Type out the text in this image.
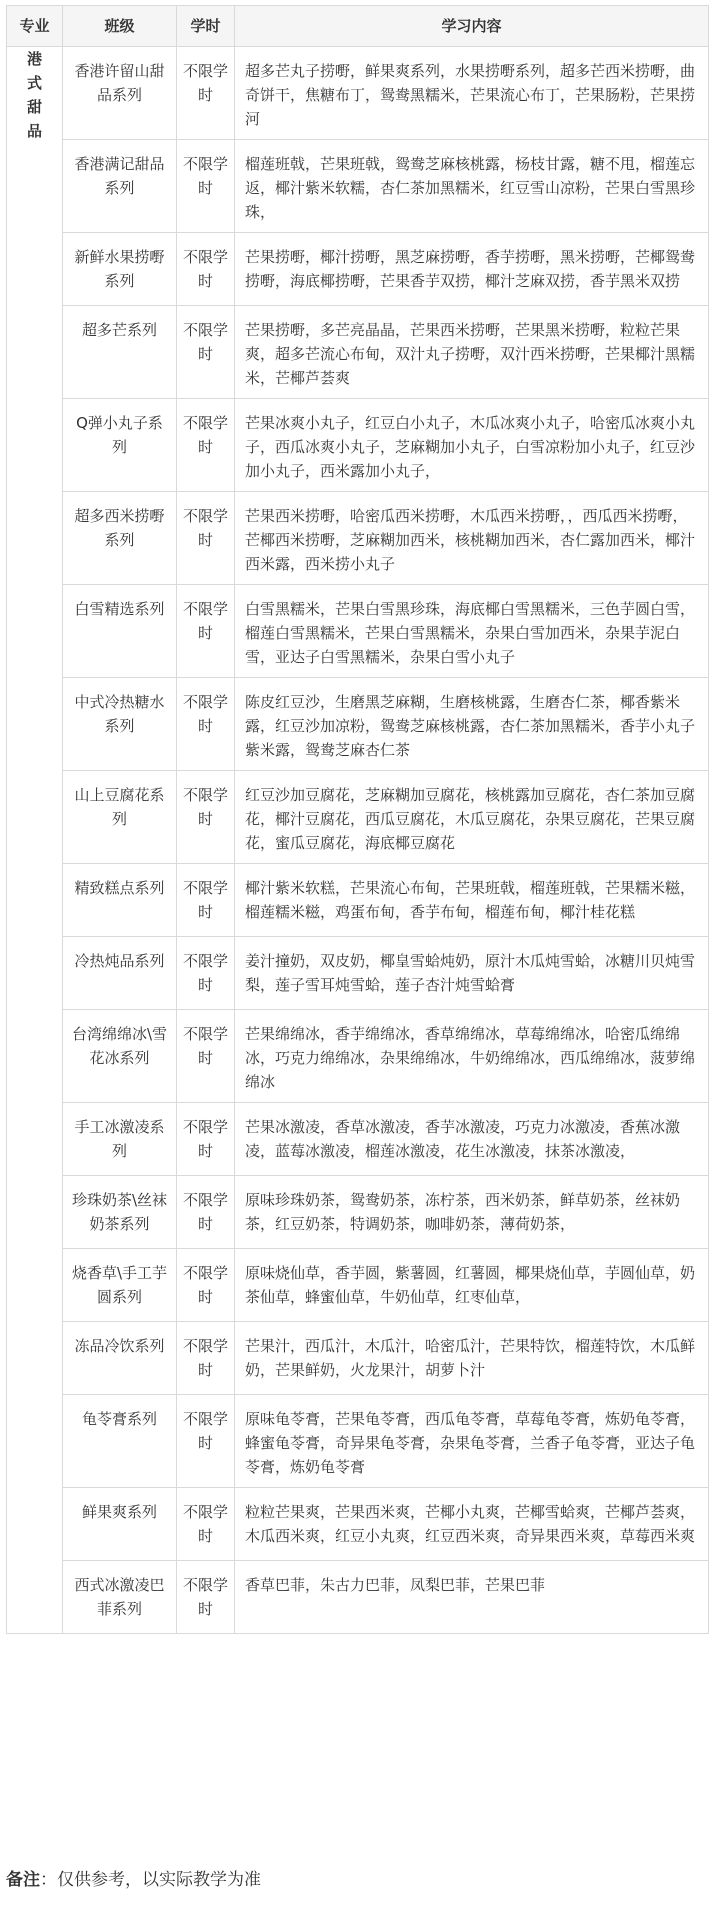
专业	班级	学时	学习内容

港
式
甜
品	香港许留山甜品系列	不限学时	超多芒丸子捞嘢，鲜果爽系列，水果捞嘢系列，超多芒西米捞嘢，曲奇饼干，焦糖布丁，鸳鸯黑糯米，芒果流心布丁，芒果肠粉，芒果捞河
	香港满记甜品系列	不限学时	榴莲班戟，芒果班戟，鸳鸯芝麻核桃露，杨枝甘露，糖不甩，榴莲忘返，椰汁紫米软糯，杏仁茶加黑糯米，红豆雪山凉粉，芒果白雪黑珍珠，
	新鲜水果捞嘢系列	不限学时	芒果捞嘢，椰汁捞嘢，黑芝麻捞嘢，香芋捞嘢，黑米捞嘢，芒椰鸳鸯捞嘢，海底椰捞嘢，芒果香芋双捞，椰汁芝麻双捞，香芋黑米双捞
	超多芒系列	不限学时	芒果捞嘢，多芒亮晶晶，芒果西米捞嘢，芒果黑米捞嘢，粒粒芒果爽，超多芒流心布甸，双汁丸子捞嘢，双汁西米捞嘢，芒果椰汁黑糯米，芒椰芦荟爽
	Q弹小丸子系列	不限学时	芒果冰爽小丸子，红豆白小丸子，木瓜冰爽小丸子，哈密瓜冰爽小丸子，西瓜冰爽小丸子，芝麻糊加小丸子，白雪凉粉加小丸子，红豆沙加小丸子，西米露加小丸子，
	超多西米捞嘢系列	不限学时	芒果西米捞嘢，哈密瓜西米捞嘢，木瓜西米捞嘢，，西瓜西米捞嘢，芒椰西米捞嘢，芝麻糊加西米，核桃糊加西米，杏仁露加西米，椰汁西米露，西米捞小丸子
	白雪精选系列	不限学时	白雪黑糯米，芒果白雪黑珍珠，海底椰白雪黑糯米，三色芋圆白雪，榴莲白雪黑糯米，芒果白雪黑糯米，杂果白雪加西米，杂果芋泥白雪，亚达子白雪黑糯米，杂果白雪小丸子
	中式冷热糖水系列	不限学时	陈皮红豆沙，生磨黑芝麻糊，生磨核桃露，生磨杏仁茶，椰香紫米露，红豆沙加凉粉，鸳鸯芝麻核桃露，杏仁茶加黑糯米，香芋小丸子紫米露，鸳鸯芝麻杏仁茶
	山上豆腐花系列	不限学时	红豆沙加豆腐花，芝麻糊加豆腐花，核桃露加豆腐花，杏仁茶加豆腐花，椰汁豆腐花，西瓜豆腐花，木瓜豆腐花，杂果豆腐花，芒果豆腐花，蜜瓜豆腐花，海底椰豆腐花
	精致糕点系列	不限学时	椰汁紫米软糕，芒果流心布甸，芒果班戟，榴莲班戟，芒果糯米糍，榴莲糯米糍，鸡蛋布甸，香芋布甸，榴莲布甸，椰汁桂花糕
	冷热炖品系列	不限学时	姜汁撞奶，双皮奶，椰皇雪蛤炖奶，原汁木瓜炖雪蛤，冰糖川贝炖雪梨，莲子雪耳炖雪蛤，莲子杏汁炖雪蛤膏
	台湾绵绵冰\雪花冰系列	不限学时	芒果绵绵冰，香芋绵绵冰，香草绵绵冰，草莓绵绵冰，哈密瓜绵绵冰，巧克力绵绵冰，杂果绵绵冰，牛奶绵绵冰，西瓜绵绵冰，菠萝绵绵冰
	手工冰激凌系列	不限学时	芒果冰激凌，香草冰激凌，香芋冰激凌，巧克力冰激凌，香蕉冰激凌，蓝莓冰激凌，榴莲冰激凌，花生冰激凌，抹茶冰激凌，
	珍珠奶茶\丝袜奶茶系列	不限学时	原味珍珠奶茶，鸳鸯奶茶，冻柠茶，西米奶茶，鲜草奶茶，丝袜奶茶，红豆奶茶，特调奶茶，咖啡奶茶，薄荷奶茶，
	烧香草\手工芋圆系列	不限学时	原味烧仙草，香芋圆，紫薯圆，红薯圆，椰果烧仙草，芋圆仙草，奶茶仙草，蜂蜜仙草，牛奶仙草，红枣仙草，
	冻品冷饮系列	不限学时	芒果汁，西瓜汁，木瓜汁，哈密瓜汁，芒果特饮，榴莲特饮，木瓜鲜奶，芒果鲜奶，火龙果汁，胡萝卜汁
	龟苓膏系列	不限学时	原味龟苓膏，芒果龟苓膏，西瓜龟苓膏，草莓龟苓膏，炼奶龟苓膏，蜂蜜龟苓膏，奇异果龟苓膏，杂果龟苓膏，兰香子龟苓膏，亚达子龟苓膏，炼奶龟苓膏
	鲜果爽系列	不限学时	粒粒芒果爽，芒果西米爽，芒椰小丸爽，芒椰雪蛤爽，芒椰芦荟爽，木瓜西米爽，红豆小丸爽，红豆西米爽，奇异果西米爽，草莓西米爽
	西式冰激凌巴菲系列	不限学时	香草巴菲，朱古力巴菲，凤梨巴菲，芒果巴菲
备注：仅供参考，以实际教学为准
